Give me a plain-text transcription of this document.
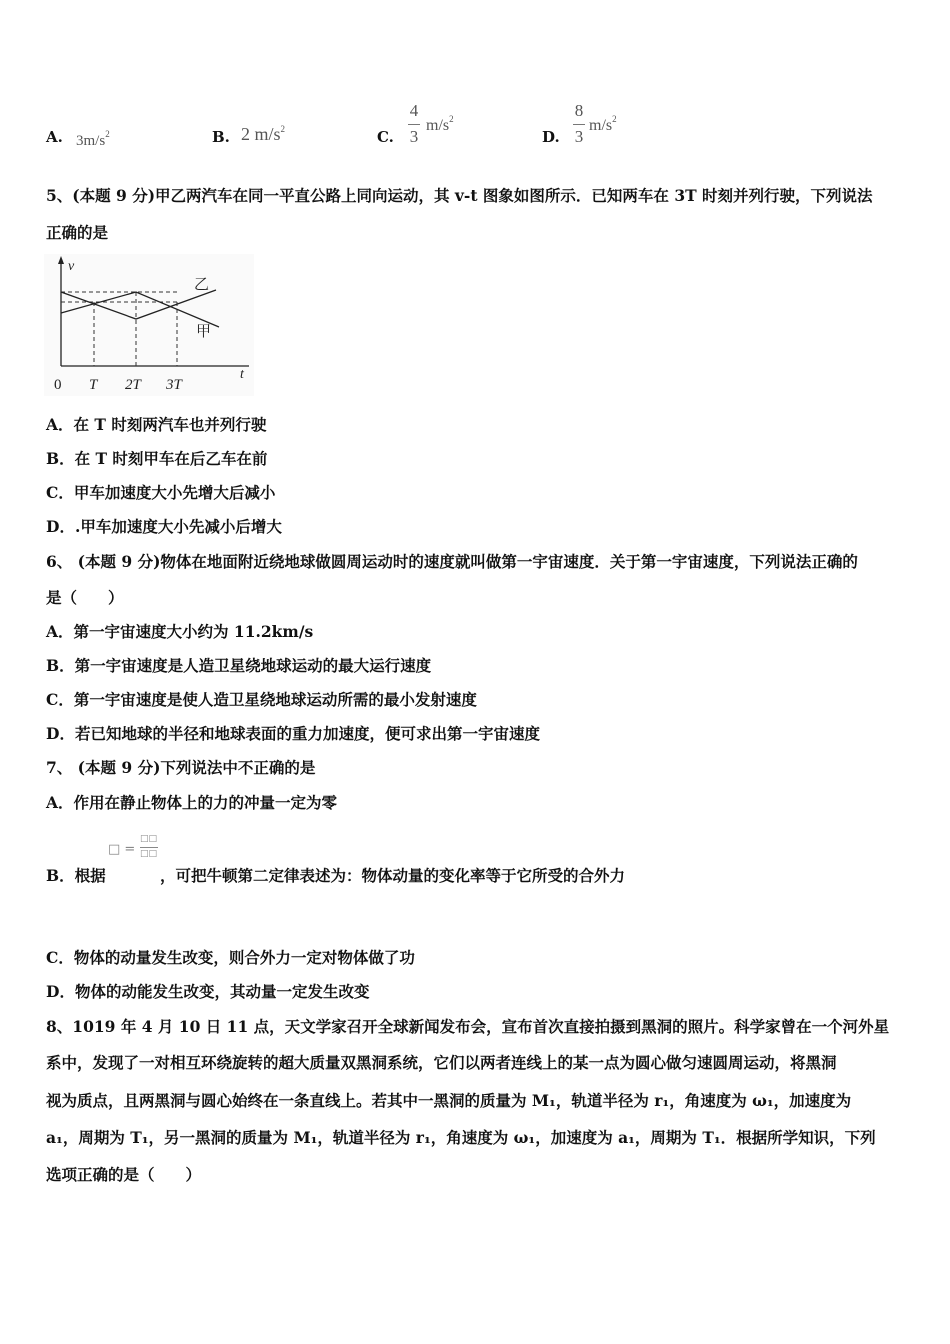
A. $3m/s^2$	B. 2 $m/s^2$	C.
4
3
$m/s^2$
D.
8
3
$m/s^2$
5、(本题 9 分)甲乙两汽车在同一平直公路上同向运动，其 v-t 图象如图所示．已知两车在 3T 时刻并列行驶，下列说法
正确的是
v
t
0 T 2T 3T
乙
甲
A．在 T 时刻两汽车也并列行驶
B．在 T 时刻甲车在后乙车在前
C．甲车加速度大小先增大后减小
D．.甲车加速度大小先减小后增大
6、 (本题 9 分)物体在地面附近绕地球做圆周运动时的速度就叫做第一宇宙速度．关于第一宇宙速度，下列说法正确的
是（　　）
A．第一宇宙速度大小约为 11.2km/s
B．第一宇宙速度是人造卫星绕地球运动的最大运行速度
C．第一宇宙速度是使人造卫星绕地球运动所需的最小发射速度
D．若已知地球的半径和地球表面的重力加速度，便可求出第一宇宙速度
7、 (本题 9 分)下列说法中不正确的是
A．作用在静止物体上的力的冲量一定为零
□ =
□□
□□
B．根据	，可把牛顿第二定律表述为：物体动量的变化率等于它所受的合外力
C．物体的动量发生改变，则合外力一定对物体做了功
D．物体的动能发生改变，其动量一定发生改变
8、1019 年 4 月 10 日 11 点，天文学家召开全球新闻发布会，宣布首次直接拍摄到黑洞的照片。科学家曾在一个河外星
系中，发现了一对相互环绕旋转的超大质量双黑洞系统，它们以两者连线上的某一点为圆心做匀速圆周运动，将黑洞
视为质点，且两黑洞与圆心始终在一条直线上。若其中一黑洞的质量为 M₁，轨道半径为 r₁，角速度为 ω₁，加速度为
a₁，周期为 T₁，另一黑洞的质量为 M₁，轨道半径为 r₁，角速度为 ω₁，加速度为 a₁，周期为 T₁．根据所学知识，下列
选项正确的是（　　）
